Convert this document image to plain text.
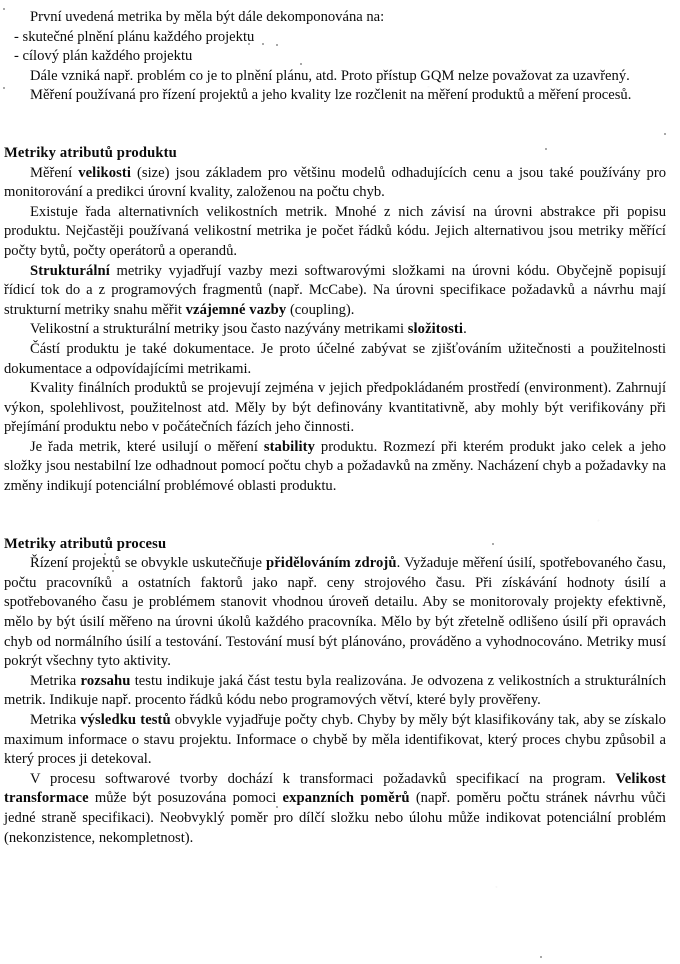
První uvedená metrika by měla být dále dekomponována na:

- skutečné plnění plánu každého projektu

- cílový plán každého projektu

Dále vzniká např. problém co je to plnění plánu, atd. Proto přístup GQM nelze považovat za uzavřený.

Měření používaná pro řízení projektů a jeho kvality lze rozčlenit na měření produktů a měření procesů.

Metriky atributů produktu

Měření velikosti (size) jsou základem pro většinu modelů odhadujících cenu a jsou také používány pro monitorování a predikci úrovní kvality, založenou na počtu chyb.

Existuje řada alternativních velikostních metrik. Mnohé z nich závisí na úrovni abstrakce při popisu produktu. Nejčastěji používaná velikostní metrika je počet řádků kódu. Jejich alternativou jsou metriky měřící počty bytů, počty operátorů a operandů.

Strukturální metriky vyjadřují vazby mezi softwarovými složkami na úrovni kódu. Obyčejně popisují řídicí tok do a z programových fragmentů (např. McCabe). Na úrovni specifikace požadavků a návrhu mají strukturní metriky snahu měřit vzájemné vazby (coupling).

Velikostní a strukturální metriky jsou často nazývány metrikami složitosti.

Částí produktu je také dokumentace. Je proto účelné zabývat se zjišťováním užitečnosti a použitelnosti dokumentace a odpovídajícími metrikami.

Kvality finálních produktů se projevují zejména v jejich předpokládaném prostředí (environment). Zahrnují výkon, spolehlivost, použitelnost atd. Měly by být definovány kvantitativně, aby mohly být verifikovány při přejímání produktu nebo v počátečních fázích jeho činnosti.

Je řada metrik, které usilují o měření stability produktu. Rozmezí při kterém produkt jako celek a jeho složky jsou nestabilní lze odhadnout pomocí počtu chyb a požadavků na změny. Nacházení chyb a požadavky na změny indikují potenciální problémové oblasti produktu.

Metriky atributů procesu

Řízení projektů se obvykle uskutečňuje přidělováním zdrojů. Vyžaduje měření úsilí, spotřebovaného času, počtu pracovníků a ostatních faktorů jako např. ceny strojového času. Při získávání hodnoty úsilí a spotřebovaného času je problémem stanovit vhodnou úroveň detailu. Aby se monitorovaly projekty efektivně, mělo by být úsilí měřeno na úrovni úkolů každého pracovníka. Mělo by být zřetelně odlišeno úsilí při opravách chyb od normálního úsilí a testování. Testování musí být plánováno, prováděno a vyhodnocováno. Metriky musí pokrýt všechny tyto aktivity.

Metrika rozsahu testu indikuje jaká část testu byla realizována. Je odvozena z velikostních a strukturálních metrik. Indikuje např. procento řádků kódu nebo programových větví, které byly prověřeny.

Metrika výsledku testů obvykle vyjadřuje počty chyb. Chyby by měly být klasifikovány tak, aby se získalo maximum informace o stavu projektu. Informace o chybě by měla identifikovat, který proces chybu způsobil a který proces ji detekoval.

V procesu softwarové tvorby dochází k transformaci požadavků specifikací na program. Velikost transformace může být posuzována pomoci expanzních poměrů (např. poměru počtu stránek návrhu vůči jedné straně specifikaci). Neobvyklý poměr pro dílčí složku nebo úlohu může indikovat potenciální problém (nekonzistence, nekompletnost).
